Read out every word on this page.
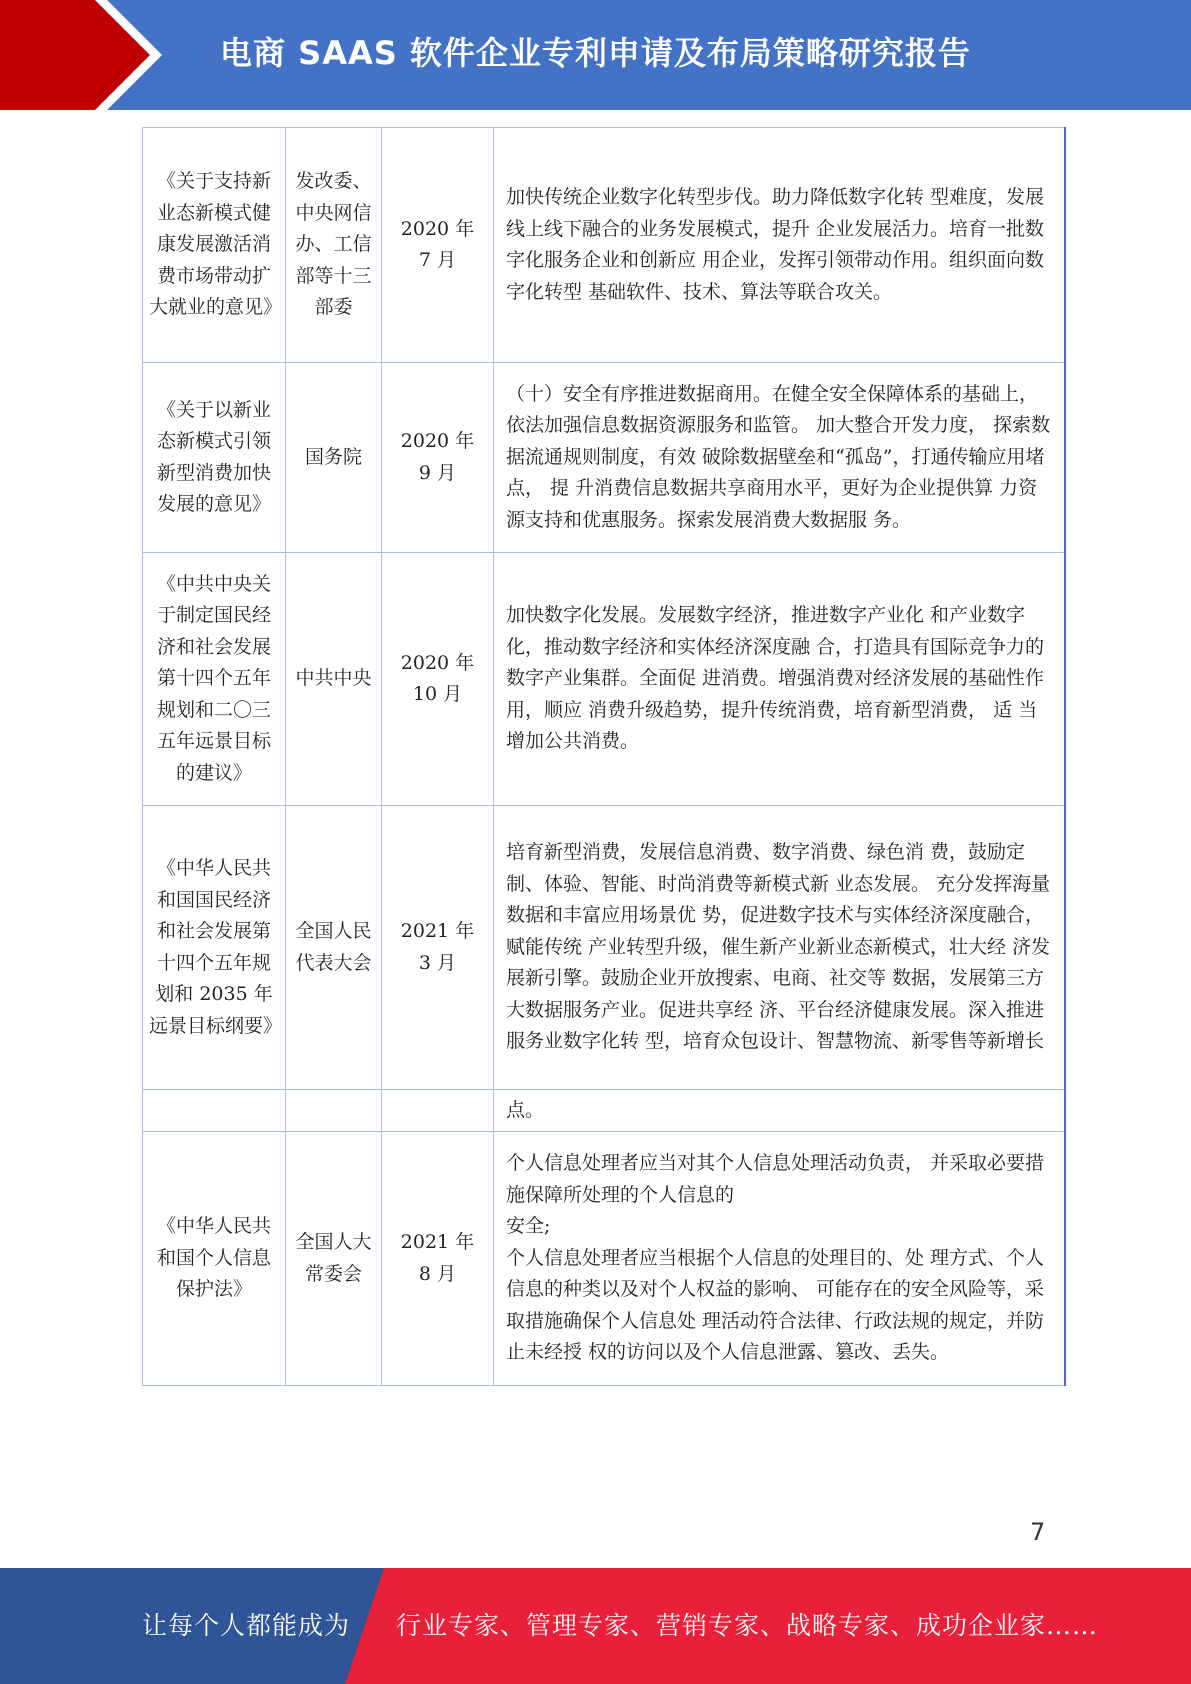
电商 SAAS 软件企业专利申请及布局策略研究报告
《关于支持新业态新模式健康发展激活消费市场带动扩大就业的意见》	发改委、中央网信办、工信部等十三部委	2020 年 7 月	加快传统企业数字化转型步伐。助力降低数字化转 型难度，发展线上线下融合的业务发展模式，提升 企业发展活力。培育一批数字化服务企业和创新应 用企业，发挥引领带动作用。组织面向数字化转型 基础软件、技术、算法等联合攻关。
《关于以新业态新模式引领新型消费加快发展的意见》	国务院	2020 年 9 月	（十）安全有序推进数据商用。在健全安全保障体系的基础上，依法加强信息数据资源服务和监管。 加大整合开发力度， 探索数据流通规则制度，有效 破除数据壁垒和“孤岛”，打通传输应用堵点， 提 升消费信息数据共享商用水平，更好为企业提供算 力资源支持和优惠服务。探索发展消费大数据服 务。
《中共中央关于制定国民经济和社会发展第十四个五年规划和二〇三五年远景目标的建议》	中共中央	2020 年 10 月	加快数字化发展。发展数字经济，推进数字产业化 和产业数字化，推动数字经济和实体经济深度融 合，打造具有国际竞争力的数字产业集群。全面促 进消费。增强消费对经济发展的基础性作用，顺应 消费升级趋势，提升传统消费，培育新型消费， 适 当增加公共消费。
《中华人民共和国国民经济和社会发展第十四个五年规划和 2035 年远景目标纲要》	全国人民代表大会	2021 年 3 月	培育新型消费，发展信息消费、数字消费、绿色消 费，鼓励定制、体验、智能、时尚消费等新模式新 业态发展。 充分发挥海量数据和丰富应用场景优 势，促进数字技术与实体经济深度融合，赋能传统 产业转型升级，催生新产业新业态新模式，壮大经 济发展新引擎。鼓励企业开放搜索、电商、社交等 数据，发展第三方大数据服务产业。促进共享经 济、平台经济健康发展。深入推进服务业数字化转 型，培育众包设计、智慧物流、新零售等新增长
			点。
《中华人民共和国个人信息保护法》	全国人大常委会	2021 年 8 月	个人信息处理者应当对其个人信息处理活动负责， 并采取必要措施保障所处理的个人信息的
安全;
个人信息处理者应当根据个人信息的处理目的、处 理方式、个人信息的种类以及对个人权益的影响、 可能存在的安全风险等，采取措施确保个人信息处 理活动符合法律、行政法规的规定，并防止未经授 权的访问以及个人信息泄露、篡改、丢失。
7
让每个人都能成为 行业专家、管理专家、营销专家、战略专家、成功企业家……
